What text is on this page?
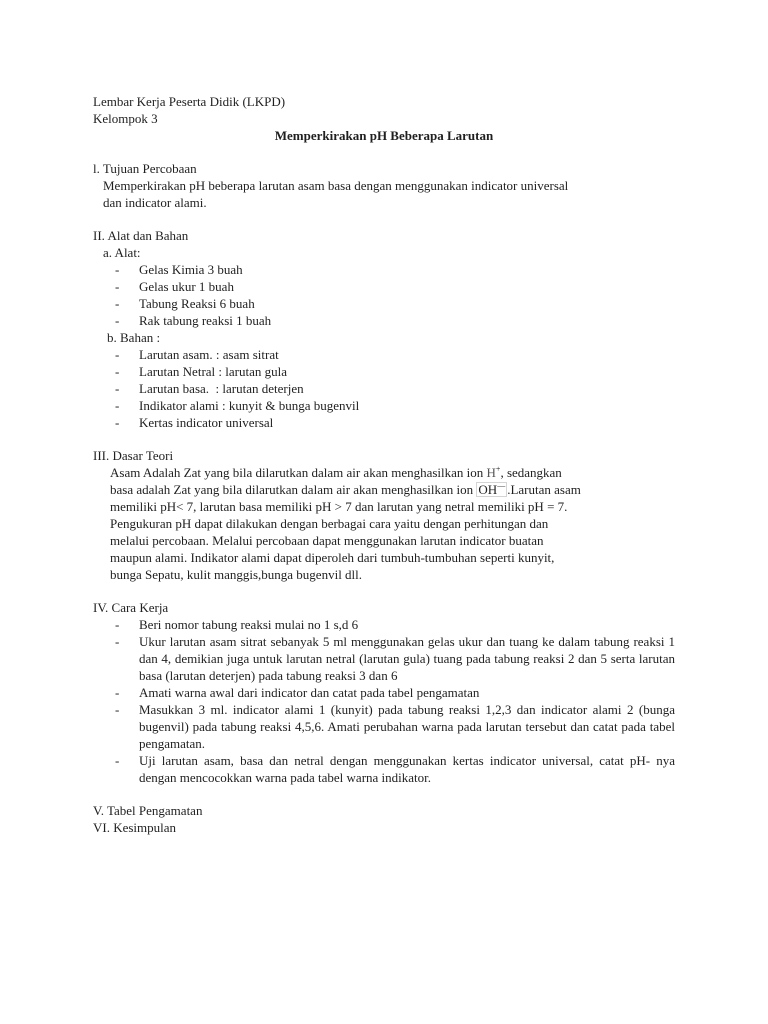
Lembar Kerja Peserta Didik (LKPD)
Kelompok 3
Memperkirakan pH Beberapa Larutan
l. Tujuan Percobaan
Memperkirakan pH beberapa larutan asam basa dengan menggunakan indicator universal
dan indicator alami.
II. Alat dan Bahan
a. Alat:
- Gelas Kimia 3 buah
- Gelas ukur 1 buah
- Tabung Reaksi 6 buah
- Rak tabung reaksi 1 buah
b. Bahan :
- Larutan asam. : asam sitrat
- Larutan Netral : larutan gula
- Larutan basa.  : larutan deterjen
- Indikator alami : kunyit & bunga bugenvil
- Kertas indicator universal
III. Dasar Teori
Asam Adalah Zat yang bila dilarutkan dalam air akan menghasilkan ion H+, sedangkan
basa adalah Zat yang bila dilarutkan dalam air akan menghasilkan ion OH— .Larutan asam
memiliki pH< 7, larutan basa memiliki pH > 7 dan larutan yang netral memiliki pH = 7.
Pengukuran pH dapat dilakukan dengan berbagai cara yaitu dengan perhitungan dan
melalui percobaan. Melalui percobaan dapat menggunakan larutan indicator buatan
maupun alami. Indikator alami dapat diperoleh dari tumbuh-tumbuhan seperti kunyit,
bunga Sepatu, kulit manggis,bunga bugenvil dll.
IV. Cara Kerja
- Beri nomor tabung reaksi mulai no 1 s,d 6
- Ukur larutan asam sitrat sebanyak 5 ml menggunakan gelas ukur dan tuang ke dalam tabung reaksi 1 dan 4, demikian juga untuk larutan netral (larutan gula) tuang pada tabung reaksi 2 dan 5 serta larutan basa (larutan deterjen) pada tabung reaksi 3 dan 6
- Amati warna awal dari indicator dan catat pada tabel pengamatan
- Masukkan 3 ml. indicator alami 1 (kunyit) pada tabung reaksi 1,2,3 dan indicator alami 2 (bunga bugenvil) pada tabung reaksi 4,5,6. Amati perubahan warna pada larutan tersebut dan catat pada tabel pengamatan.
- Uji larutan asam, basa dan netral dengan menggunakan kertas indicator universal, catat pH- nya dengan mencocokkan warna pada tabel warna indikator.
V. Tabel Pengamatan
VI. Kesimpulan
